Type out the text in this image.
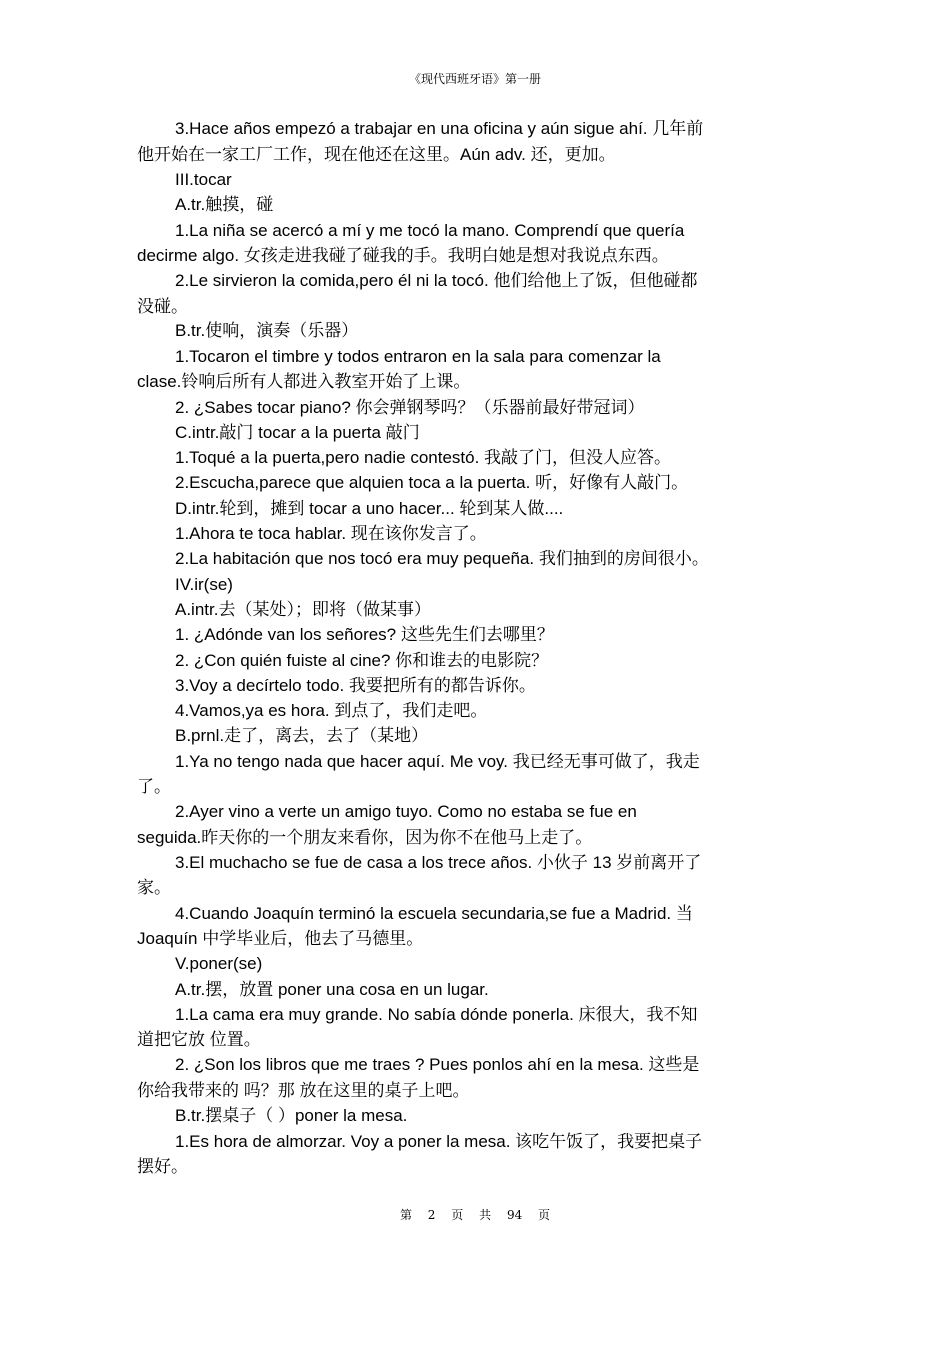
《现代西班牙语》第一册
3.Hace años empezó a trabajar en una oficina y aún sigue ahí. 几年前
他开始在一家工厂工作，现在他还在这里。Aún adv. 还，更加。
III.tocar
A.tr.触摸，碰
1.La niña se acercó a mí y me tocó la mano. Comprendí que quería
decirme algo. 女孩走进我碰了碰我的手。我明白她是想对我说点东西。
2.Le sirvieron la comida,pero él ni la tocó. 他们给他上了饭，但他碰都
没碰。
B.tr.使响，演奏（乐器）
1.Tocaron el timbre y todos entraron en la sala para comenzar la
clase.铃响后所有人都进入教室开始了上课。
2. ¿Sabes tocar piano? 你会弹钢琴吗？（乐器前最好带冠词）
C.intr.敲门 tocar a la puerta 敲门
1.Toqué a la puerta,pero nadie contestó. 我敲了门，但没人应答。
2.Escucha,parece que alquien toca a la puerta. 听，好像有人敲门。
D.intr.轮到，摊到 tocar a uno hacer... 轮到某人做....
1.Ahora te toca hablar. 现在该你发言了。
2.La habitación que nos tocó era muy pequeña. 我们抽到的房间很小。
IV.ir(se)
A.intr.去（某处）；即将（做某事）
1. ¿Adónde van los señores? 这些先生们去哪里？
2. ¿Con quién fuiste al cine? 你和谁去的电影院？
3.Voy a decírtelo todo. 我要把所有的都告诉你。
4.Vamos,ya es hora. 到点了，我们走吧。
B.prnl.走了，离去，去了（某地）
1.Ya no tengo nada que hacer aquí. Me voy. 我已经无事可做了，我走
了。
2.Ayer vino a verte un amigo tuyo. Como no estaba se fue en
seguida.昨天你的一个朋友来看你，因为你不在他马上走了。
3.El muchacho se fue de casa a los trece años. 小伙子 13 岁前离开了
家。
4.Cuando Joaquín terminó la escuela secundaria,se fue a Madrid. 当
Joaquín 中学毕业后，他去了马德里。
V.poner(se)
A.tr.摆，放置 poner una cosa en un lugar.
1.La cama era muy grande. No sabía dónde ponerla. 床很大，我不知
道把它放 位置。
2. ¿Son los libros que me traes ? Pues ponlos ahí en la mesa. 这些是
你给我带来的 吗？那 放在这里的桌子上吧。
B.tr.摆桌子（ ）poner la mesa.
1.Es hora de almorzar. Voy a poner la mesa. 该吃午饭了，我要把桌子
摆好。
第 2 页 共 94 页
